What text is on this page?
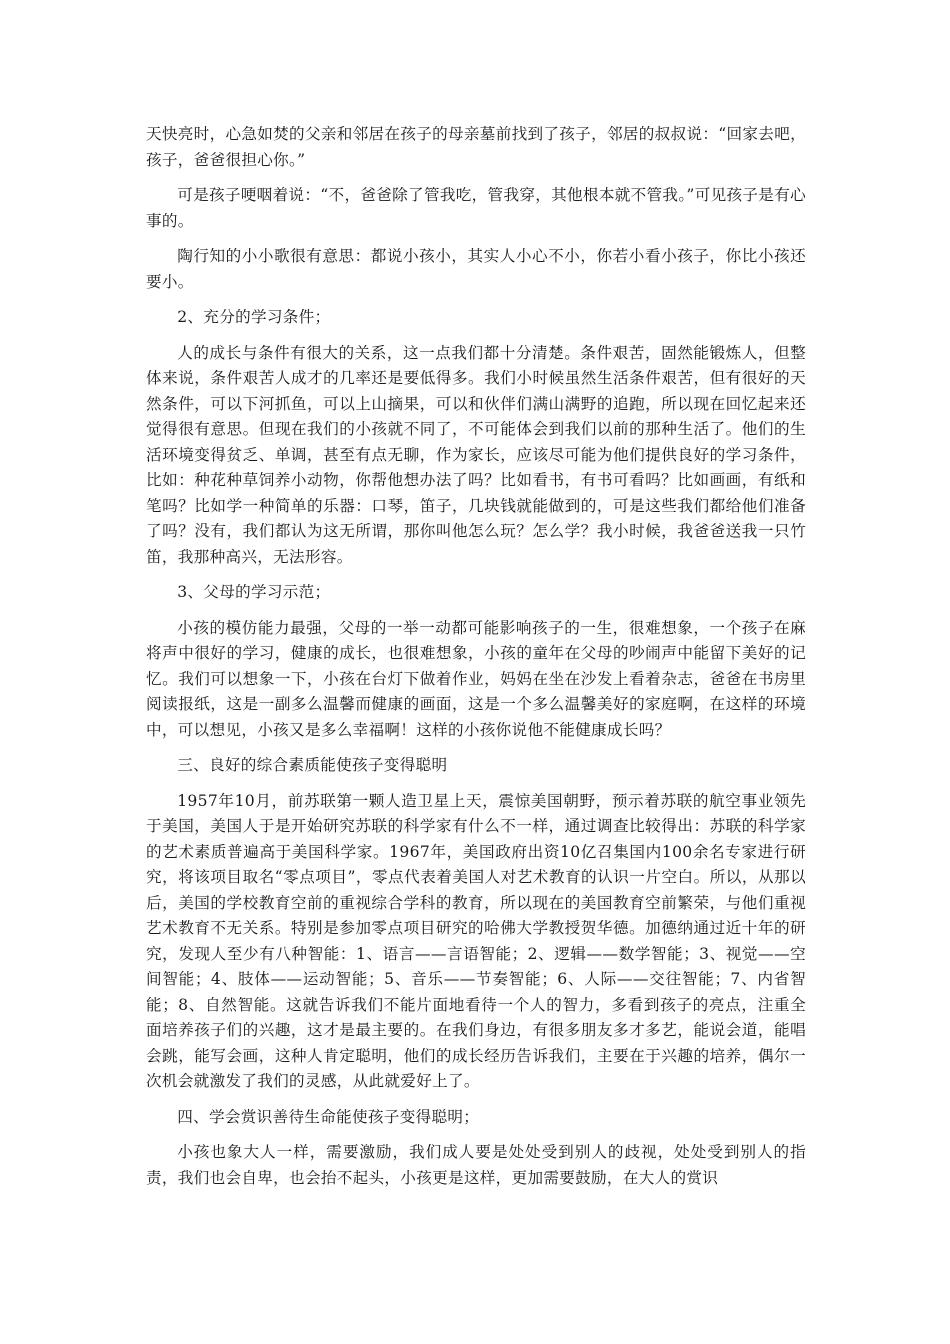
天快亮时，心急如焚的父亲和邻居在孩子的母亲墓前找到了孩子，邻居的叔叔说：“回家去吧，孩子，爸爸很担心你。”

可是孩子哽咽着说：“不，爸爸除了管我吃，管我穿，其他根本就不管我。”可见孩子是有心事的。

陶行知的小小歌很有意思：都说小孩小，其实人小心不小，你若小看小孩子，你比小孩还要小。

2、充分的学习条件；

人的成长与条件有很大的关系，这一点我们都十分清楚。条件艰苦，固然能锻炼人，但整体来说，条件艰苦人成才的几率还是要低得多。我们小时候虽然生活条件艰苦，但有很好的天然条件，可以下河抓鱼，可以上山摘果，可以和伙伴们满山满野的追跑，所以现在回忆起来还觉得很有意思。但现在我们的小孩就不同了，不可能体会到我们以前的那种生活了。他们的生活环境变得贫乏、单调，甚至有点无聊，作为家长，应该尽可能为他们提供良好的学习条件，比如：种花种草饲养小动物，你帮他想办法了吗？比如看书，有书可看吗？比如画画，有纸和笔吗？比如学一种简单的乐器：口琴，笛子，几块钱就能做到的，可是这些我们都给他们准备了吗？没有，我们都认为这无所谓，那你叫他怎么玩？怎么学？我小时候，我爸爸送我一只竹笛，我那种高兴，无法形容。

3、父母的学习示范；

小孩的模仿能力最强，父母的一举一动都可能影响孩子的一生，很难想象，一个孩子在麻将声中很好的学习，健康的成长，也很难想象，小孩的童年在父母的吵闹声中能留下美好的记忆。我们可以想象一下，小孩在台灯下做着作业，妈妈在坐在沙发上看着杂志，爸爸在书房里阅读报纸，这是一副多么温馨而健康的画面，这是一个多么温馨美好的家庭啊，在这样的环境中，可以想见，小孩又是多么幸福啊！这样的小孩你说他不能健康成长吗？

三、良好的综合素质能使孩子变得聪明

1957年10月，前苏联第一颗人造卫星上天，震惊美国朝野，预示着苏联的航空事业领先于美国，美国人于是开始研究苏联的科学家有什么不一样，通过调查比较得出：苏联的科学家的艺术素质普遍高于美国科学家。1967年，美国政府出资10亿召集国内100余名专家进行研究，将该项目取名“零点项目”，零点代表着美国人对艺术教育的认识一片空白。所以，从那以后，美国的学校教育空前的重视综合学科的教育，所以现在的美国教育空前繁荣，与他们重视艺术教育不无关系。特别是参加零点项目研究的哈佛大学教授贺华德。加德纳通过近十年的研究，发现人至少有八种智能：1、语言——言语智能；2、逻辑——数学智能；3、视觉——空间智能；4、肢体——运动智能；5、音乐——节奏智能；6、人际——交往智能；7、内省智能；8、自然智能。这就告诉我们不能片面地看待一个人的智力，多看到孩子的亮点，注重全面培养孩子们的兴趣，这才是最主要的。在我们身边，有很多朋友多才多艺，能说会道，能唱会跳，能写会画，这种人肯定聪明，他们的成长经历告诉我们，主要在于兴趣的培养，偶尔一次机会就激发了我们的灵感，从此就爱好上了。

四、学会赏识善待生命能使孩子变得聪明；

小孩也象大人一样，需要激励，我们成人要是处处受到别人的歧视，处处受到别人的指责，我们也会自卑，也会抬不起头，小孩更是这样，更加需要鼓励，在大人的赏识
